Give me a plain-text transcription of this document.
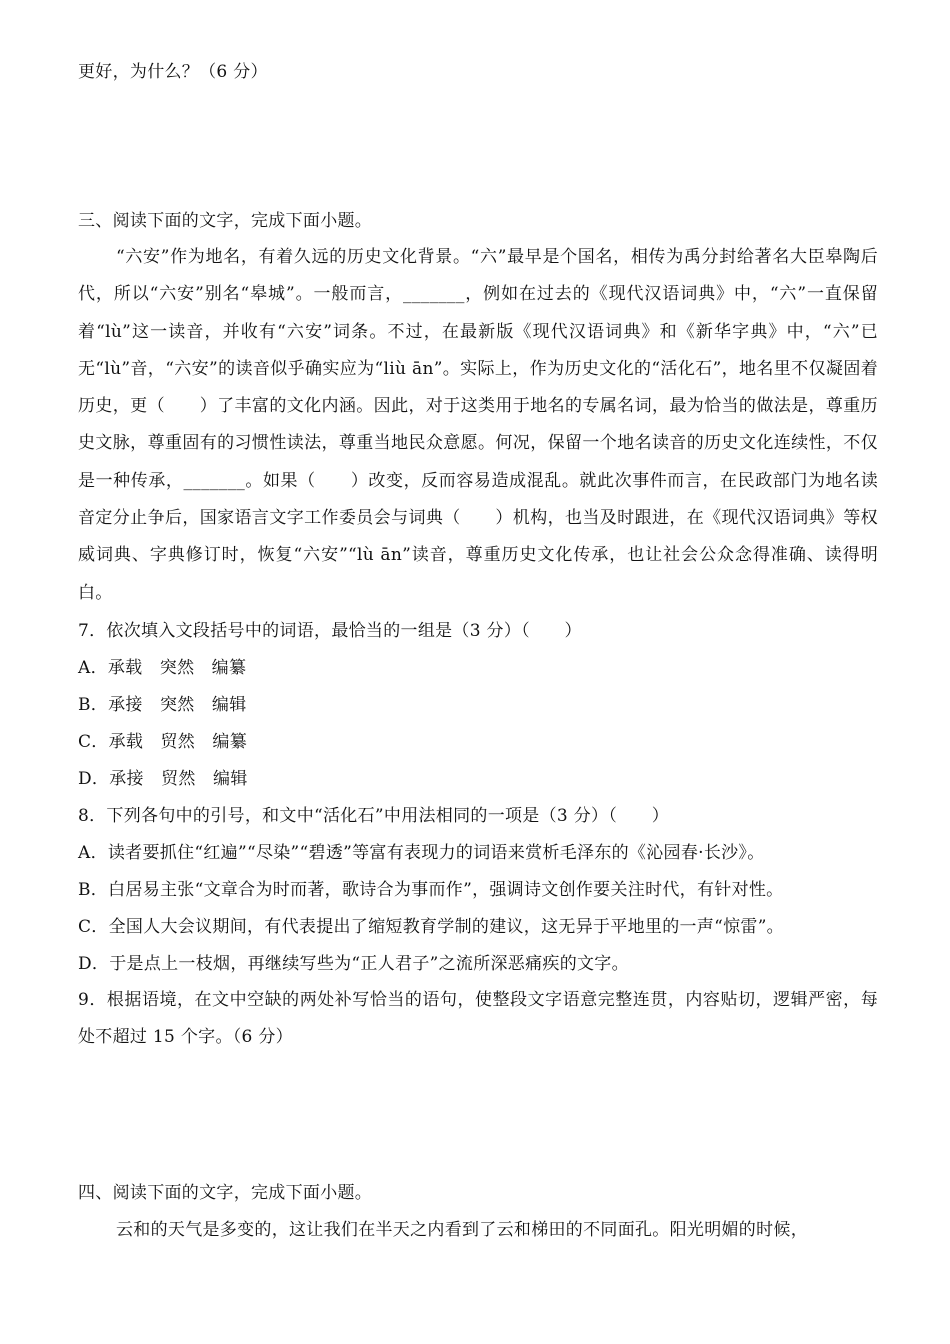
更好，为什么？（6 分）
三、阅读下面的文字，完成下面小题。
“六安”作为地名，有着久远的历史文化背景。“六”最早是个国名，相传为禹分封给著名大臣皋陶后代，所以“六安”别名“皋城”。一般而言，_______，例如在过去的《现代汉语词典》中，“六”一直保留着“lù”这一读音，并收有“六安”词条。不过，在最新版《现代汉语词典》和《新华字典》中，“六”已无“lù”音，“六安”的读音似乎确实应为“liù ān”。实际上，作为历史文化的“活化石”，地名里不仅凝固着历史，更（　　）了丰富的文化内涵。因此，对于这类用于地名的专属名词，最为恰当的做法是，尊重历史文脉，尊重固有的习惯性读法，尊重当地民众意愿。何况，保留一个地名读音的历史文化连续性，不仅是一种传承，_______。如果（　　）改变，反而容易造成混乱。就此次事件而言，在民政部门为地名读音定分止争后，国家语言文字工作委员会与词典（　　）机构，也当及时跟进，在《现代汉语词典》等权威词典、字典修订时，恢复“六安”“lù ān”读音，尊重历史文化传承，也让社会公众念得准确、读得明白。
7．依次填入文段括号中的词语，最恰当的一组是（3 分）（　　）
A．承载　突然　编纂
B．承接　突然　编辑
C．承载　贸然　编纂
D．承接　贸然　编辑
8．下列各句中的引号，和文中“活化石”中用法相同的一项是（3 分）（　　）
A．读者要抓住“红遍”“尽染”“碧透”等富有表现力的词语来赏析毛泽东的《沁园春·长沙》。
B．白居易主张“文章合为时而著，歌诗合为事而作”，强调诗文创作要关注时代，有针对性。
C．全国人大会议期间，有代表提出了缩短教育学制的建议，这无异于平地里的一声“惊雷”。
D．于是点上一枝烟，再继续写些为“正人君子”之流所深恶痛疾的文字。
9．根据语境，在文中空缺的两处补写恰当的语句，使整段文字语意完整连贯，内容贴切，逻辑严密，每处不超过 15 个字。（6 分）
四、阅读下面的文字，完成下面小题。
云和的天气是多变的，这让我们在半天之内看到了云和梯田的不同面孔。阳光明媚的时候，
